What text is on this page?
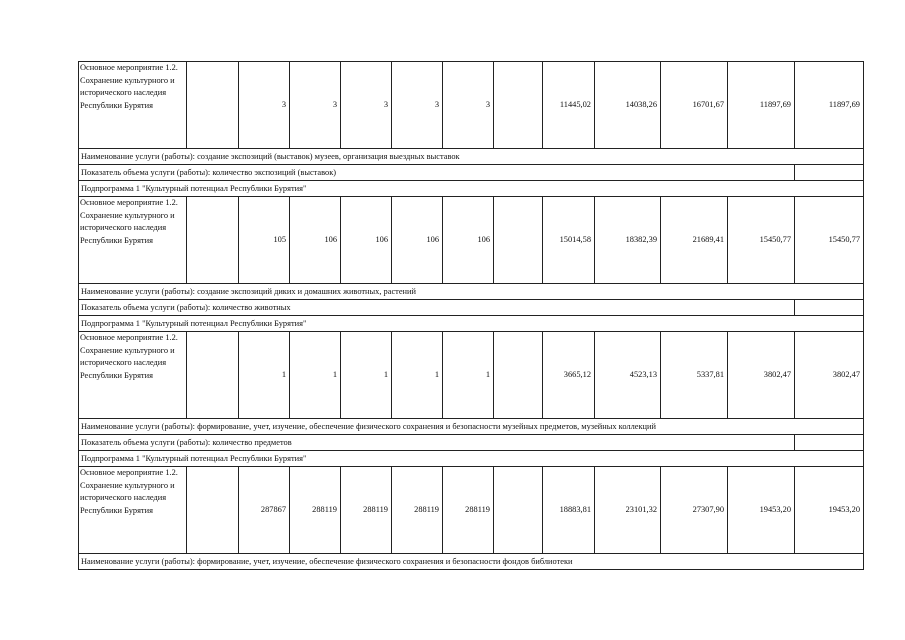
Основное мероприятие 1.2. Сохранение культурного и исторического наследия Республики Бурятия		3	3	3	3	3		11445,02	14038,26	16701,67	11897,69	11897,69
Наименование услуги (работы): создание экспозиций (выставок) музеев, организация выездных выставок												
Показатель объема услуги (работы): количество экспозиций (выставок)												
Подпрограмма 1 "Культурный потенциал Республики Бурятия"												
Основное мероприятие 1.2. Сохранение культурного и исторического наследия Республики Бурятия		105	106	106	106	106		15014,58	18382,39	21689,41	15450,77	15450,77
Наименование услуги (работы): создание экспозиций диких и домашних животных, растений												
Показатель объема услуги (работы): количество животных												
Подпрограмма 1 "Культурный потенциал Республики Бурятия"												
Основное мероприятие 1.2. Сохранение культурного и исторического наследия Республики Бурятия		1	1	1	1	1		3665,12	4523,13	5337,81	3802,47	3802,47
Наименование услуги (работы): формирование, учет, изучение, обеспечение физического сохранения и безопасности музейных предметов, музейных коллекций												
Показатель объема услуги (работы): количество предметов												
Подпрограмма 1 "Культурный потенциал Республики Бурятия"												
Основное мероприятие 1.2. Сохранение культурного и исторического наследия Республики Бурятия		287867	288119	288119	288119	288119		18883,81	23101,32	27307,90	19453,20	19453,20
Наименование услуги (работы): формирование, учет, изучение, обеспечение физического сохранения и безопасности фондов библиотеки												
